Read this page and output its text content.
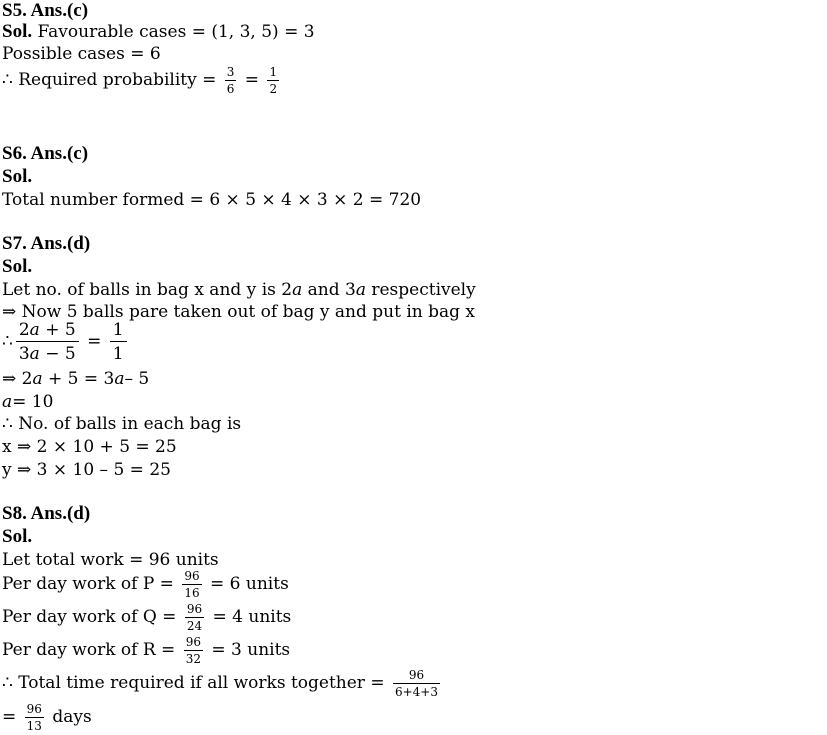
S5. Ans.(c)
Sol. Favourable cases = (1, 3, 5) = 3
Possible cases = 6
∴ Required probability = $\frac{3}{6} = \frac{1}{2}$
S6. Ans.(c)
Sol.
Total number formed = 6 × 5 × 4 × 3 × 2 = 720
S7. Ans.(d)
Sol.
Let no. of balls in bag x and y is 2a and 3a respectively
⇒ Now 5 balls pare taken out of bag y and put in bag x
∴ $\frac{2a + 5}{3a - 5} = \frac{1}{1}$
⇒ 2a + 5 = 3a– 5
a= 10
∴ No. of balls in each bag is
x ⇒ 2 × 10 + 5 = 25
y ⇒ 3 × 10 – 5 = 25
S8. Ans.(d)
Sol.
Let total work = 96 units
Per day work of $P = \frac{96}{16} = 6$ units
Per day work of $Q = \frac{96}{24} = 4$ units
Per day work of $R = \frac{96}{32} = 3$ units
∴ Total time required if all works together = $\frac{96}{6+4+3}$
= $\frac{96}{13}$ days
